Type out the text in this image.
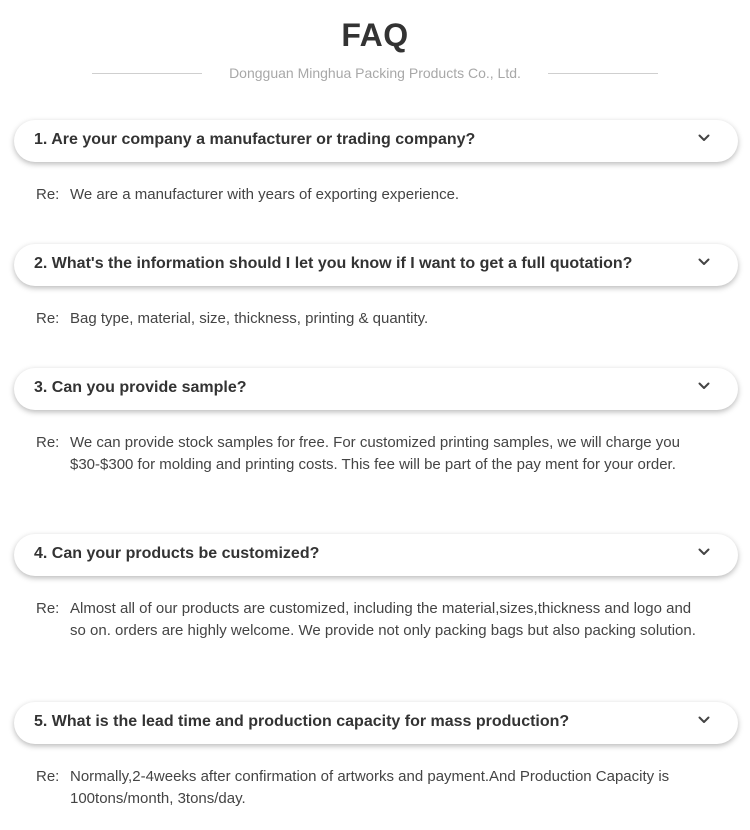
FAQ
Dongguan Minghua Packing Products Co., Ltd.
1. Are your company a manufacturer or trading company?
Re: We are a manufacturer with years of exporting experience.
2. What's the information should I let you know if I want to get a full quotation?
Re: Bag type, material, size, thickness, printing & quantity.
3. Can you provide sample?
Re: We can provide stock samples for free. For customized printing samples, we will charge you $30-$300 for molding and printing costs. This fee will be part of the pay ment for your order.
4. Can your products be customized?
Re: Almost all of our products are customized, including the material,sizes,thickness and logo and so on. orders are highly welcome. We provide not only packing bags but also packing solution.
5. What is the lead time and production capacity for mass production?
Re: Normally,2-4weeks after confirmation of artworks and payment.And Production Capacity is 100tons/month, 3tons/day.
